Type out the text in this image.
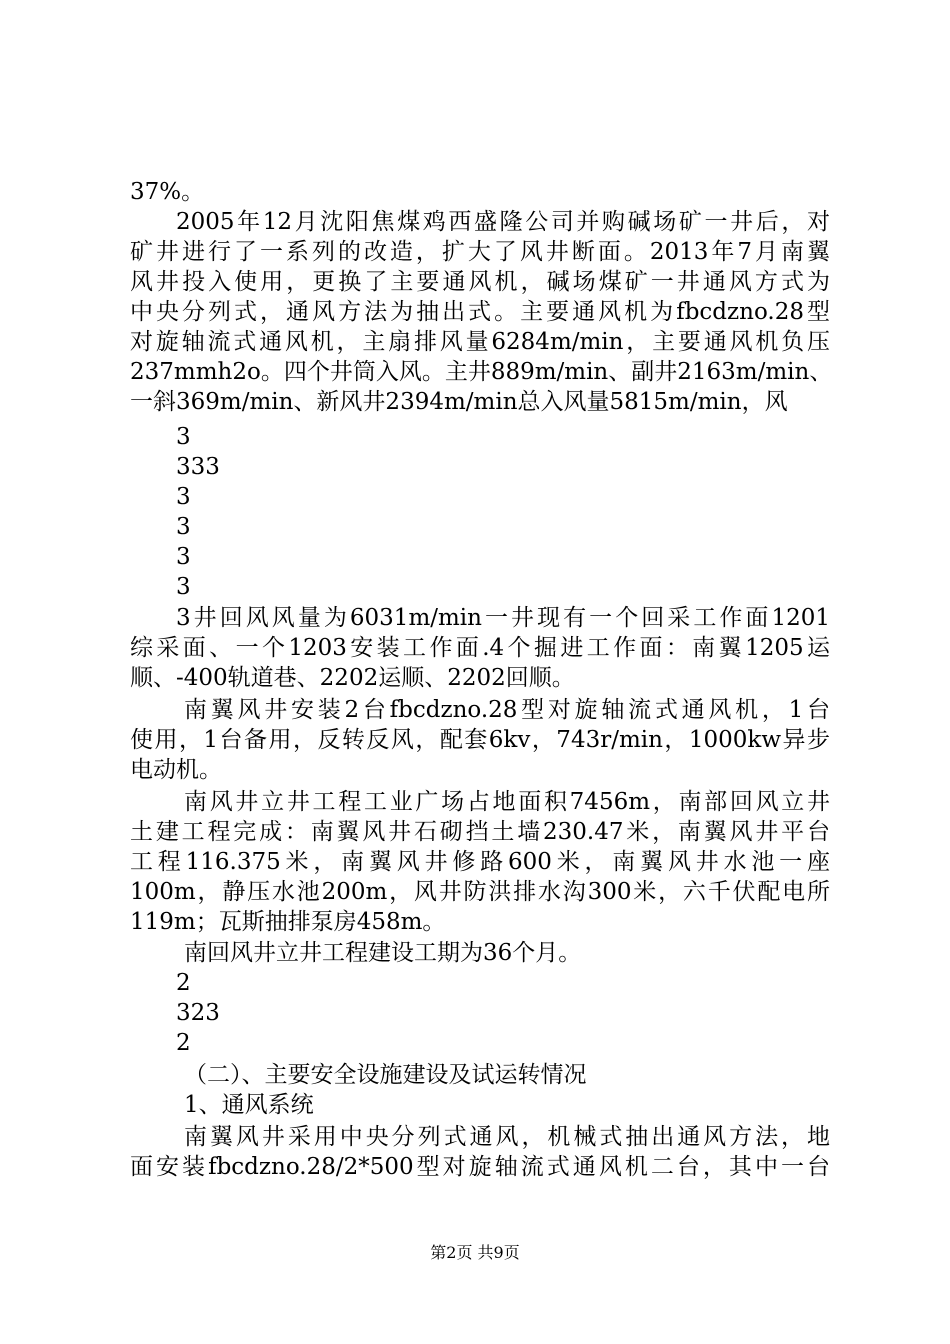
37%。
2005年12月沈阳焦煤鸡西盛隆公司并购碱场矿一井后，对
矿井进行了一系列的改造，扩大了风井断面。2013年7月南翼
风井投入使用，更换了主要通风机，碱场煤矿一井通风方式为
中央分列式，通风方法为抽出式。主要通风机为fbcdzno.28型
对旋轴流式通风机，主扇排风量6284m/min，主要通风机负压
237mmh2o。四个井筒入风。主井889m/min、副井2163m/min、
一斜369m/min、新风井2394m/min总入风量5815m/min，风
3
333
3
3
3
3
3井回风风量为6031m/min一井现有一个回采工作面1201
综采面、一个1203安装工作面.4个掘进工作面：南翼1205运
顺、-400轨道巷、2202运顺、2202回顺。
南翼风井安装2台fbcdzno.28型对旋轴流式通风机，1台
使用，1台备用，反转反风，配套6kv，743r/min，1000kw异步
电动机。
南风井立井工程工业广场占地面积7456m，南部回风立井
土建工程完成：南翼风井石砌挡土墙230.47米，南翼风井平台
工程116.375米，南翼风井修路600米，南翼风井水池一座
100m，静压水池200m，风井防洪排水沟300米，六千伏配电所
119m；瓦斯抽排泵房458m。
南回风井立井工程建设工期为36个月。
2
323
2
（二）、主要安全设施建设及试运转情况
1、通风系统
南翼风井采用中央分列式通风，机械式抽出通风方法，地
面安装fbcdzno.28/2*500型对旋轴流式通风机二台，其中一台
第2页 共9页
